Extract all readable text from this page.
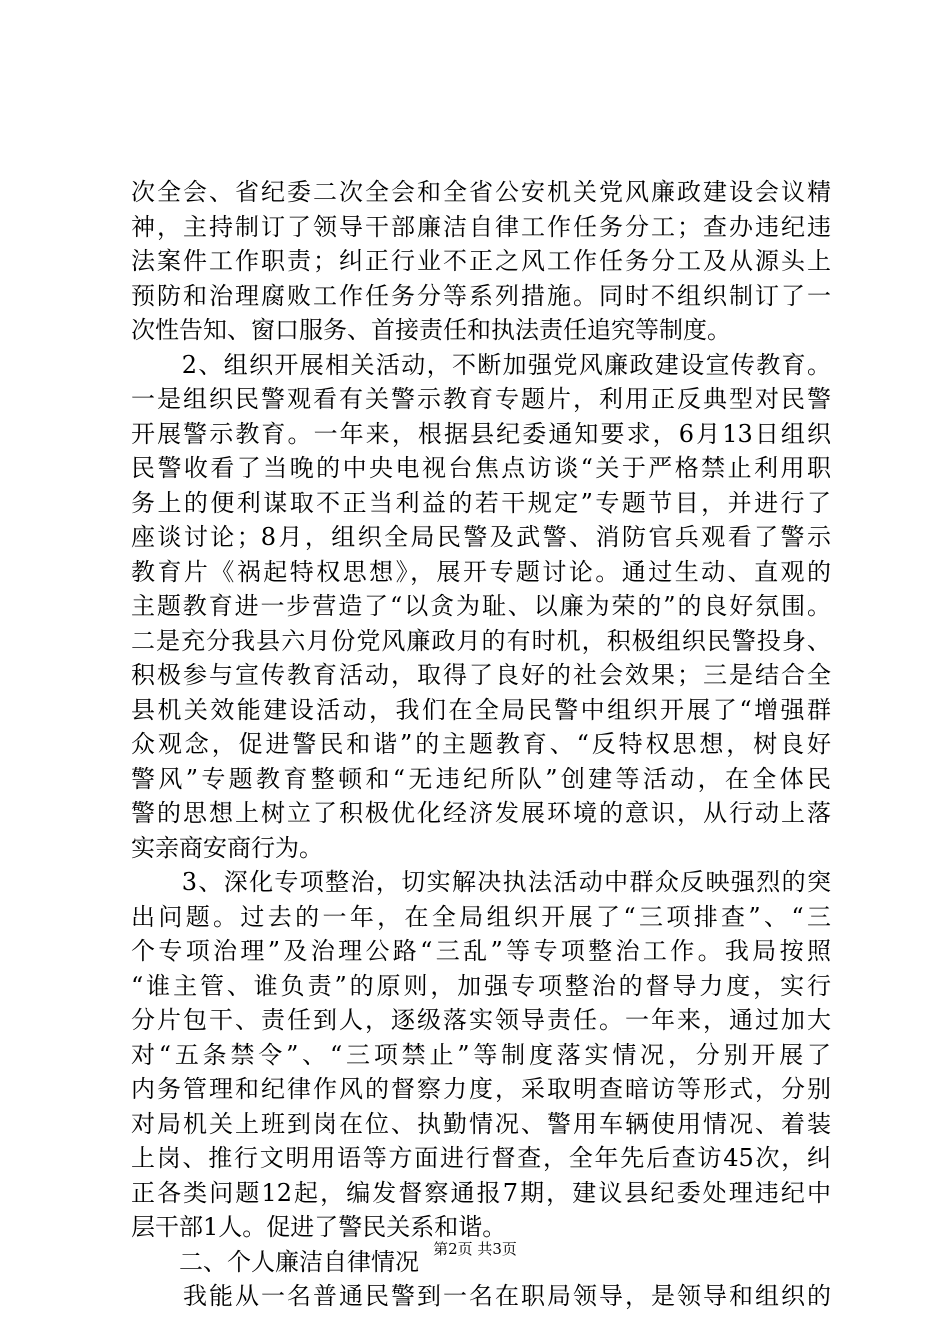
次全会、省纪委二次全会和全省公安机关党风廉政建设会议精
神，主持制订了领导干部廉洁自律工作任务分工；查办违纪违
法案件工作职责；纠正行业不正之风工作任务分工及从源头上
预防和治理腐败工作任务分等系列措施。同时不组织制订了一
次性告知、窗口服务、首接责任和执法责任追究等制度。
　　2、组织开展相关活动，不断加强党风廉政建设宣传教育。
一是组织民警观看有关警示教育专题片，利用正反典型对民警
开展警示教育。一年来，根据县纪委通知要求，6月13日组织
民警收看了当晚的中央电视台焦点访谈“关于严格禁止利用职
务上的便利谋取不正当利益的若干规定”专题节目，并进行了
座谈讨论；8月，组织全局民警及武警、消防官兵观看了警示
教育片《祸起特权思想》，展开专题讨论。通过生动、直观的
主题教育进一步营造了“以贪为耻、以廉为荣的”的良好氛围。
二是充分我县六月份党风廉政月的有时机，积极组织民警投身、
积极参与宣传教育活动，取得了良好的社会效果；三是结合全
县机关效能建设活动，我们在全局民警中组织开展了“增强群
众观念，促进警民和谐”的主题教育、“反特权思想，树良好
警风”专题教育整顿和“无违纪所队”创建等活动，在全体民
警的思想上树立了积极优化经济发展环境的意识，从行动上落
实亲商安商行为。
　　3、深化专项整治，切实解决执法活动中群众反映强烈的突
出问题。过去的一年，在全局组织开展了“三项排查”、“三
个专项治理”及治理公路“三乱”等专项整治工作。我局按照
“谁主管、谁负责”的原则，加强专项整治的督导力度，实行
分片包干、责任到人，逐级落实领导责任。一年来，通过加大
对“五条禁令”、“三项禁止”等制度落实情况，分别开展了
内务管理和纪律作风的督察力度，采取明查暗访等形式，分别
对局机关上班到岗在位、执勤情况、警用车辆使用情况、着装
上岗、推行文明用语等方面进行督查，全年先后查访45次，纠
正各类问题12起，编发督察通报7期，建议县纪委处理违纪中
层干部1人。促进了警民关系和谐。
　　二、个人廉洁自律情况
　　我能从一名普通民警到一名在职局领导，是领导和组织的
第2页 共3页
